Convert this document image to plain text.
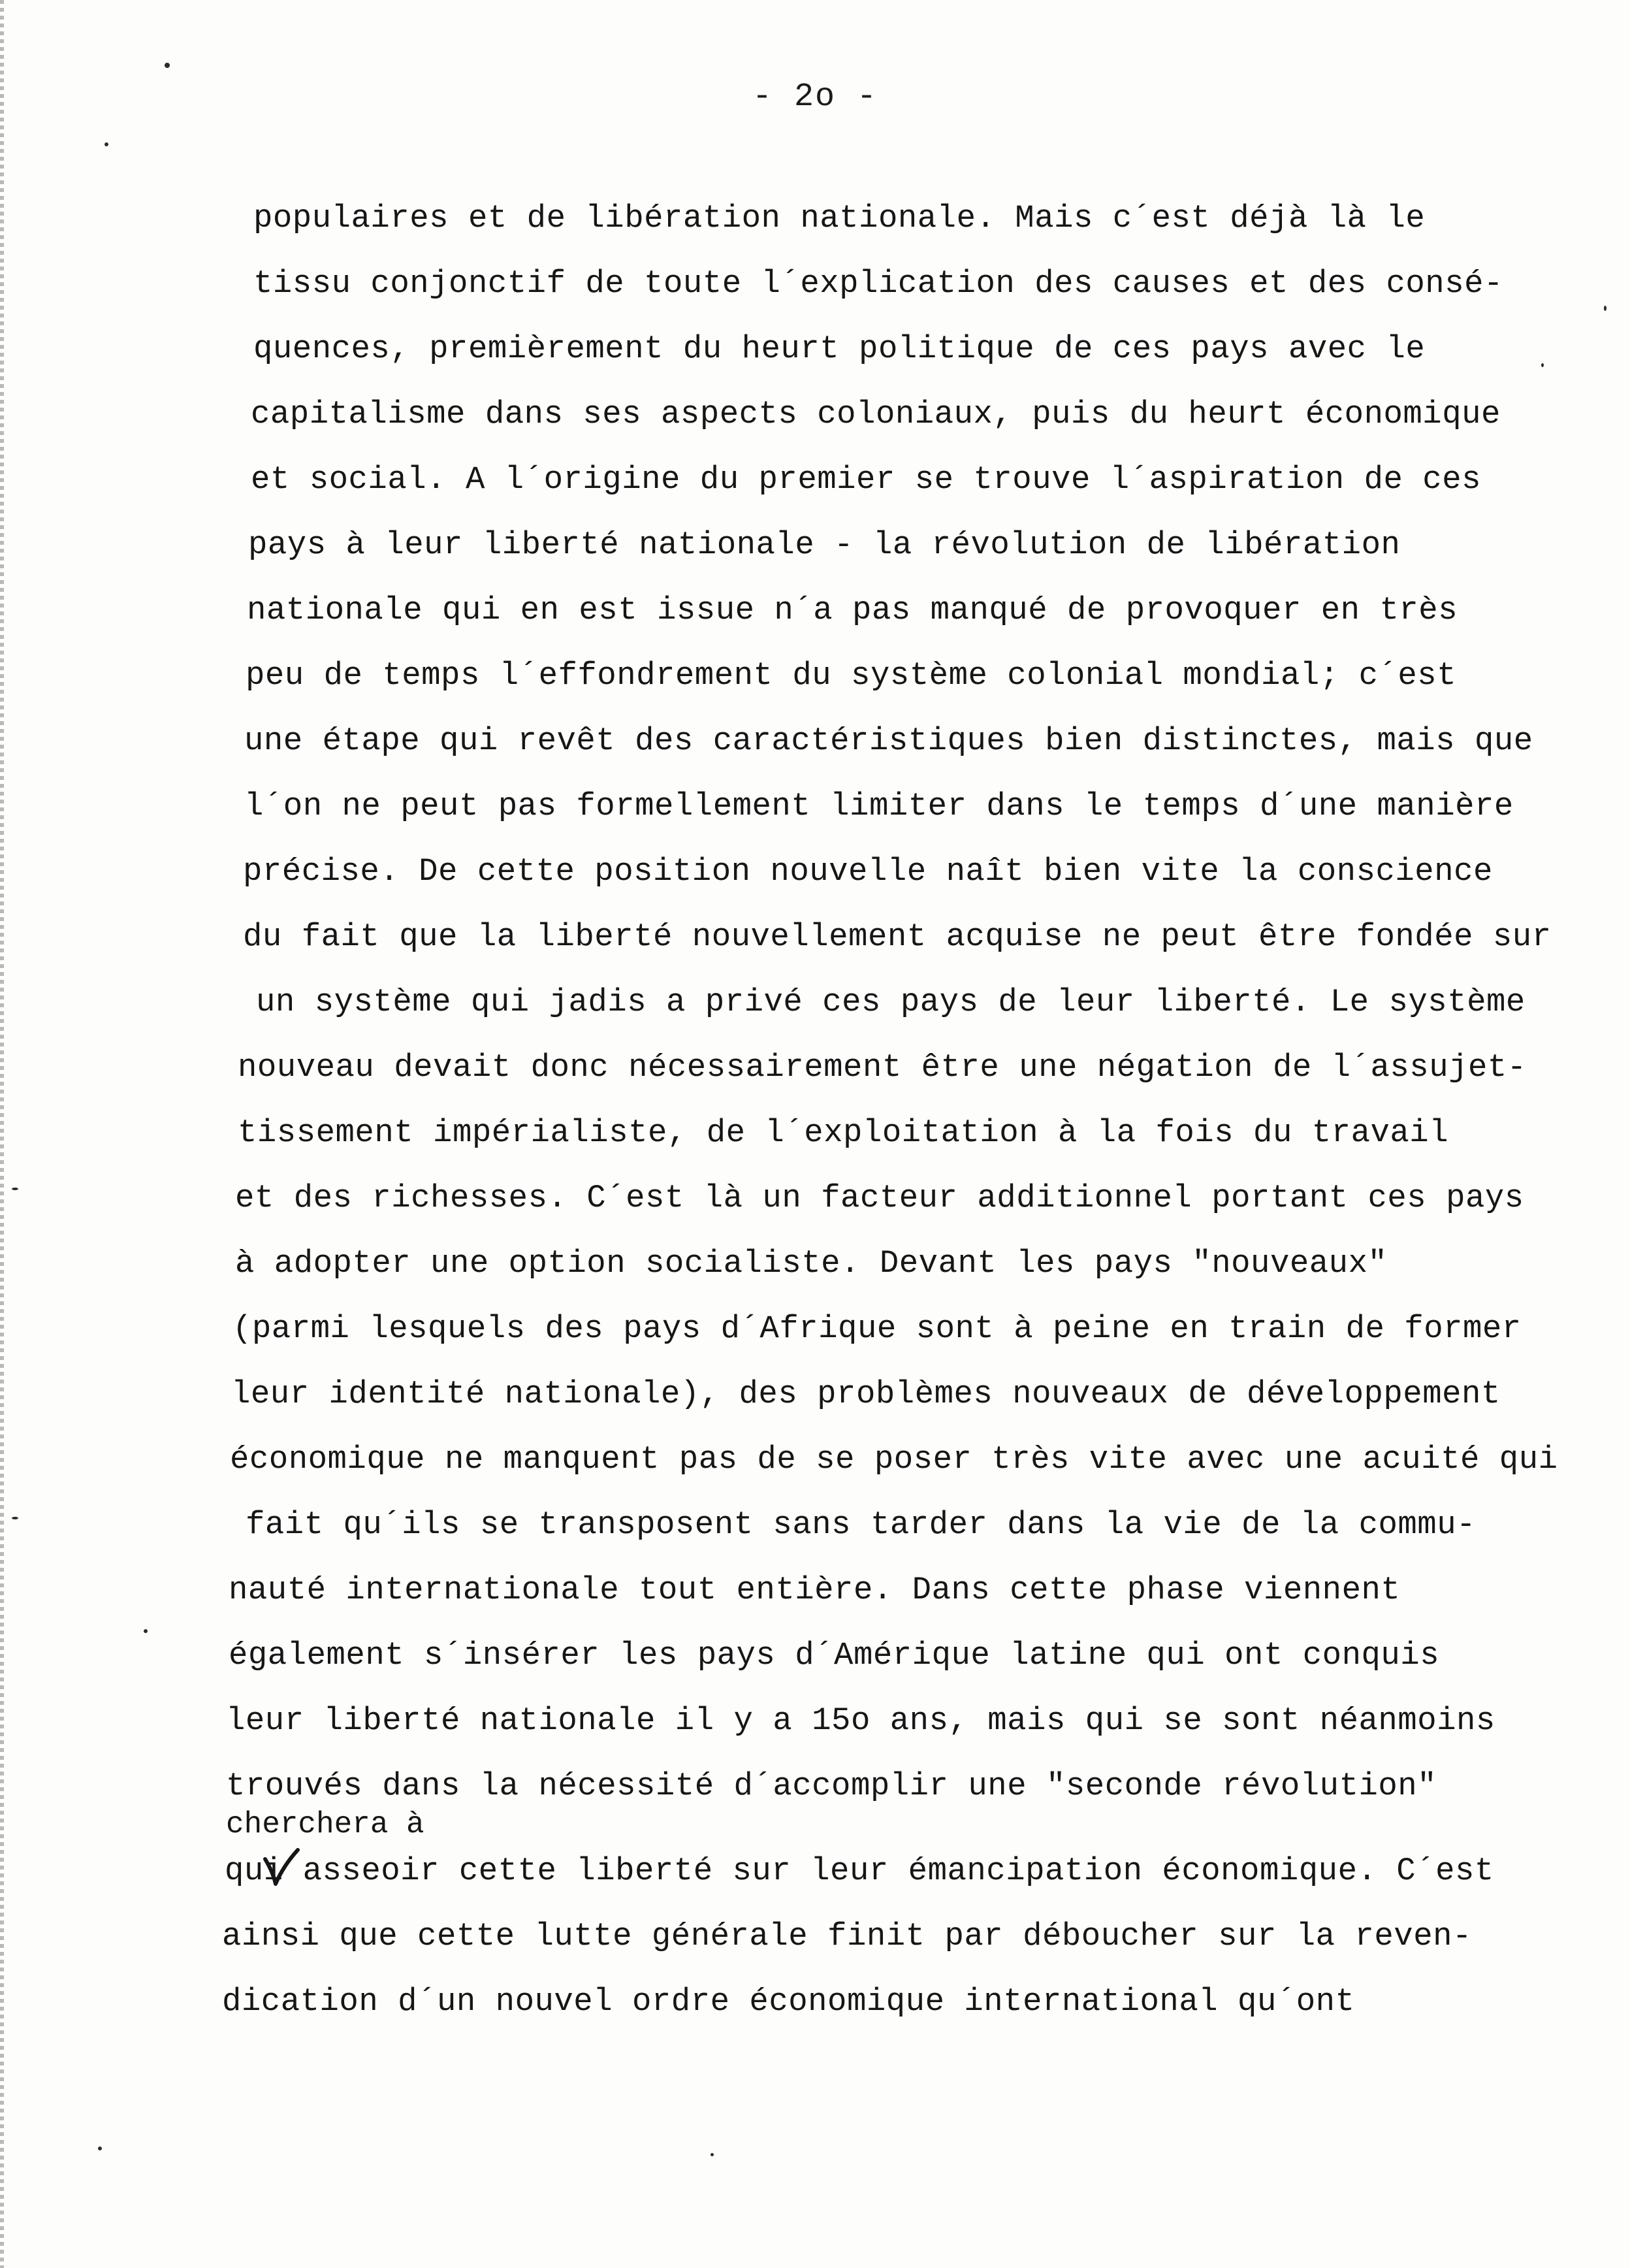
- 2o -

populaires et de libération nationale. Mais c´est déjà là le

tissu conjonctif de toute l´explication des causes et des consé-

quences, premièrement du heurt politique de ces pays avec le

capitalisme dans ses aspects coloniaux, puis du heurt économique

et social. A l´origine du premier se trouve l´aspiration de ces

pays à leur liberté nationale - la révolution de libération

nationale qui en est issue n´a pas manqué de provoquer en très

peu de temps l´effondrement du système colonial mondial; c´est

une étape qui revêt des caractéristiques bien distinctes, mais que

l´on ne peut pas formellement limiter dans le temps d´une manière

précise. De cette position nouvelle naît bien vite la conscience

du fait que la liberté nouvellement acquise ne peut être fondée sur

un système qui jadis a privé ces pays de leur liberté. Le système

nouveau devait donc nécessairement être une négation de l´assujet-

tissement impérialiste, de l´exploitation à la fois du travail

et des richesses. C´est là un facteur additionnel portant ces pays

à adopter une option socialiste. Devant les pays "nouveaux"

(parmi lesquels des pays d´Afrique sont à peine en train de former

leur identité nationale), des problèmes nouveaux de développement

économique ne manquent pas de se poser très vite avec une acuité qui

fait qu´ils se transposent sans tarder dans la vie de la commu-

nauté internationale tout entière. Dans cette phase viennent

également s´insérer les pays d´Amérique latine qui ont conquis

leur liberté nationale il y a 15o ans, mais qui se sont néanmoins

trouvés dans la nécessité d´accomplir une "seconde révolution"

cherchera à

qui asseoir cette liberté sur leur émancipation économique. C´est

ainsi que cette lutte générale finit par déboucher sur la reven-

dication d´un nouvel ordre économique international qu´ont
